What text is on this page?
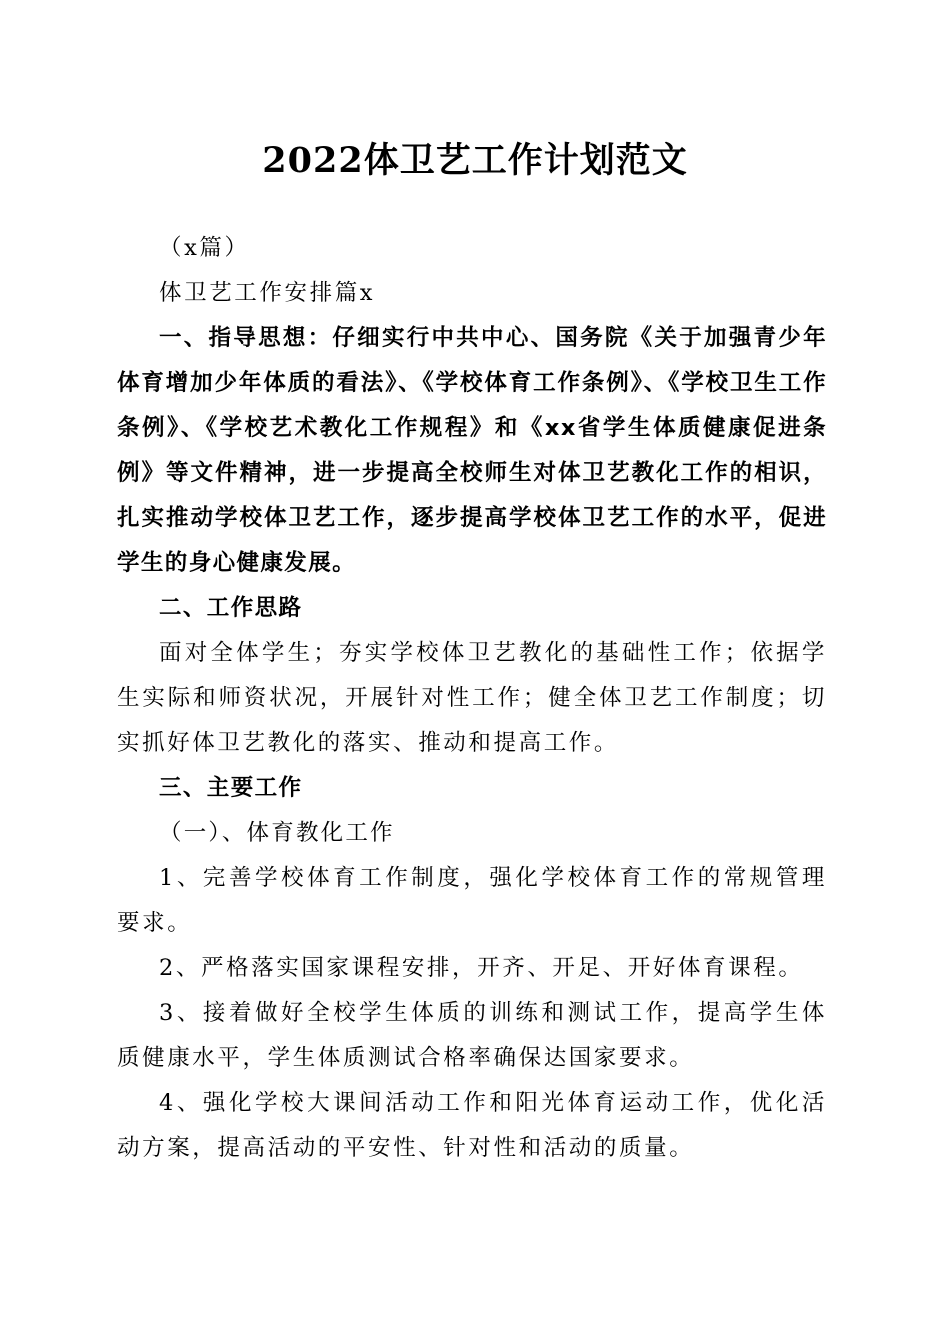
2022体卫艺工作计划范文

（x篇）

体卫艺工作安排篇x

一、指导思想：仔细实行中共中心、国务院《关于加强青少年体育增加少年体质的看法》、《学校体育工作条例》、《学校卫生工作条例》、《学校艺术教化工作规程》和《xx省学生体质健康促进条例》等文件精神，进一步提高全校师生对体卫艺教化工作的相识，扎实推动学校体卫艺工作，逐步提高学校体卫艺工作的水平，促进学生的身心健康发展。

二、工作思路

面对全体学生；夯实学校体卫艺教化的基础性工作；依据学生实际和师资状况，开展针对性工作；健全体卫艺工作制度；切实抓好体卫艺教化的落实、推动和提高工作。

三、主要工作

（一）、体育教化工作

1、完善学校体育工作制度，强化学校体育工作的常规管理要求。

2、严格落实国家课程安排，开齐、开足、开好体育课程。

3、接着做好全校学生体质的训练和测试工作，提高学生体质健康水平，学生体质测试合格率确保达国家要求。

4、强化学校大课间活动工作和阳光体育运动工作，优化活动方案，提高活动的平安性、针对性和活动的质量。
